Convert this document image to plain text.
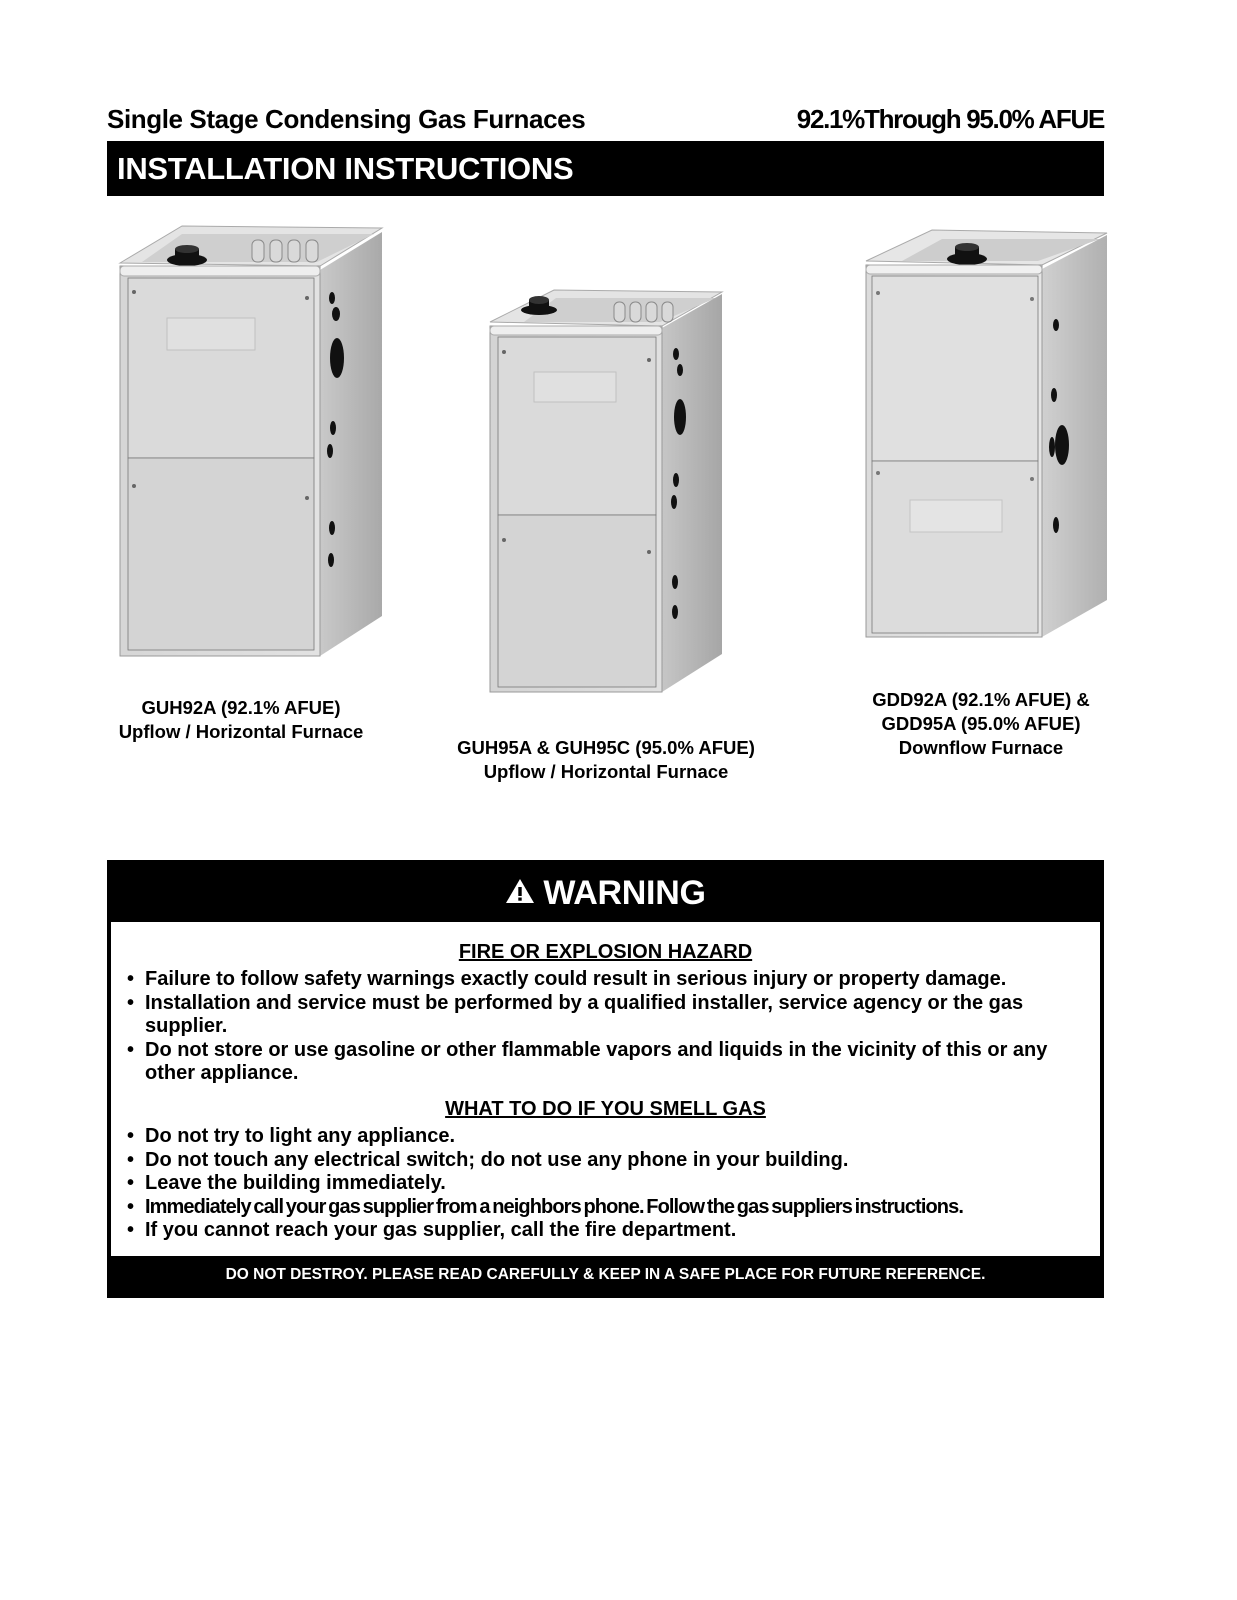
Single Stage Condensing Gas Furnaces	92.1%Through 95.0% AFUE
INSTALLATION INSTRUCTIONS
GUH92A (92.1% AFUE)
Upflow / Horizontal Furnace
GUH95A & GUH95C (95.0% AFUE)
Upflow / Horizontal Furnace
GDD92A (92.1% AFUE) &
GDD95A (95.0% AFUE)
Downflow Furnace
WARNING
FIRE OR EXPLOSION HAZARD
• Failure to follow safety warnings exactly could result in serious injury or property damage.
• Installation and service must be performed by a qualified installer, service agency or the gas supplier.
• Do not store or use gasoline or other flammable vapors and liquids in the vicinity of this or any other appliance.
WHAT TO DO IF YOU SMELL GAS
• Do not try to light any appliance.
• Do not touch any electrical switch; do not use any phone in your building.
• Leave the building immediately.
• Immediately call your gas supplier from a neighbors phone. Follow the gas suppliers instructions.
• If you cannot reach your gas supplier, call the fire department.
DO NOT DESTROY. PLEASE READ CAREFULLY & KEEP IN A SAFE PLACE FOR FUTURE REFERENCE.
